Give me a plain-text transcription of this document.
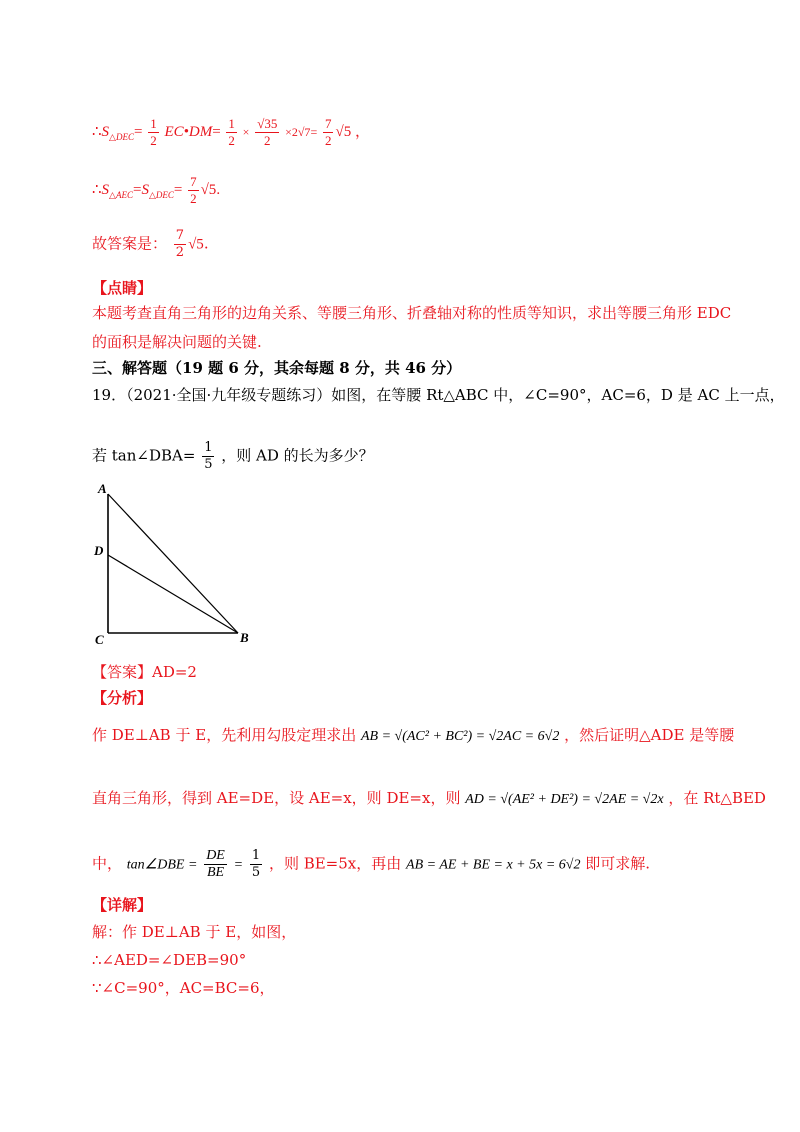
$\therefore S_{\triangle DEC}= \frac{1}{2}$ EC•DM= $\frac{1}{2} \times \frac{√35}{2} \times 2√7= \frac{7}{2} √5$ ，
$\therefore S_{\triangle AEC}=S_{\triangle DEC}= \frac{7}{2} √5$.
故答案是： $\frac{7}{2} √5$.
【点睛】
本题考查直角三角形的边角关系、等腰三角形、折叠轴对称的性质等知识，求出等腰三角形 EDC
的面积是解决问题的关键.
三、解答题（19 题 6 分，其余每题 8 分，共 46 分）
19．（2021·全国·九年级专题练习）如图，在等腰 Rt△ABC 中，∠C=90°，AC=6，D 是 AC 上一点，
若 tan∠DBA= $\frac{1}{5}$ ，则 AD 的长为多少？
A
D
C	B
【答案】AD=2
【分析】
作 DE⊥AB 于 E，先利用勾股定理求出 AB = √(AC² + BC²) = √2AC = 6√2 ，然后证明△ADE 是等腰
直角三角形，得到 AE=DE，设 AE=x，则 DE=x，则 AD = √(AE² + DE²) = √2AE = √2x ，在 Rt△BED
中， tan∠DBE = $\frac{DE}{BE} = \frac{1}{5}$ ，则 BE=5x，再由 AB = AE + BE = x + 5x = 6√2 即可求解.
【详解】
解：作 DE⊥AB 于 E，如图，
∴∠AED=∠DEB=90°
∵∠C=90°，AC=BC=6，
